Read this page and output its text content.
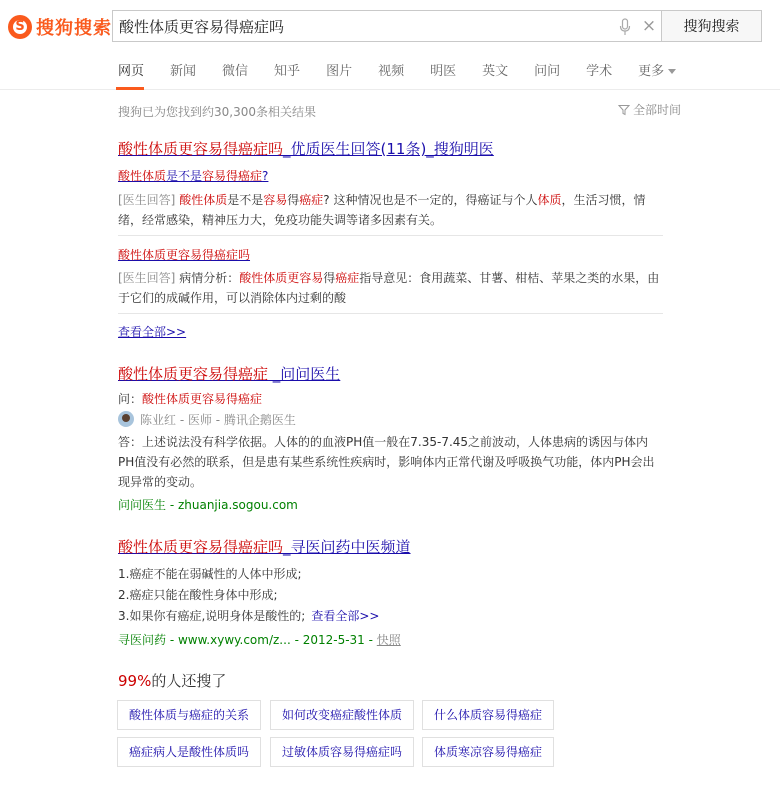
S
搜狗搜索
酸性体质更容易得癌症吗	×	搜狗搜索
网页 新闻 微信 知乎 图片 视频 明医 英文 问问 学术 更多
搜狗已为您找到约30,300条相关结果	全部时间
酸性体质更容易得癌症吗_优质医生回答(11条)_搜狗明医
酸性体质是不是容易得癌症?
[医生回答] 酸性体质是不是容易得癌症? 这种情况也是不一定的，得癌证与个人体质，生活习惯，情绪，经常感染，精神压力大，免疫功能失调等诸多因素有关。
酸性体质更容易得癌症吗
[医生回答] 病情分析：酸性体质更容易得癌症指导意见：食用蔬菜、甘薯、柑桔、苹果之类的水果，由于它们的成碱作用，可以消除体内过剩的酸
查看全部>>
酸性体质更容易得癌症 _问问医生
问：酸性体质更容易得癌症
陈业红 - 医师 - 腾讯企鹅医生
答：上述说法没有科学依据。人体的的血液PH值一般在7.35-7.45之前波动，人体患病的诱因与体内PH值没有必然的联系，但是患有某些系统性疾病时，影响体内正常代谢及呼吸换气功能，体内PH会出现异常的变动。
问问医生 - zhuanjia.sogou.com
酸性体质更容易得癌症吗_寻医问药中医频道
1.癌症不能在弱碱性的人体中形成;
2.癌症只能在酸性身体中形成;
3.如果你有癌症,说明身体是酸性的; 查看全部>>
寻医问药 - www.xywy.com/z... - 2012-5-31 - 快照
99%的人还搜了
酸性体质与癌症的关系	如何改变癌症酸性体质	什么体质容易得癌症
癌症病人是酸性体质吗	过敏体质容易得癌症吗	体质寒凉容易得癌症
